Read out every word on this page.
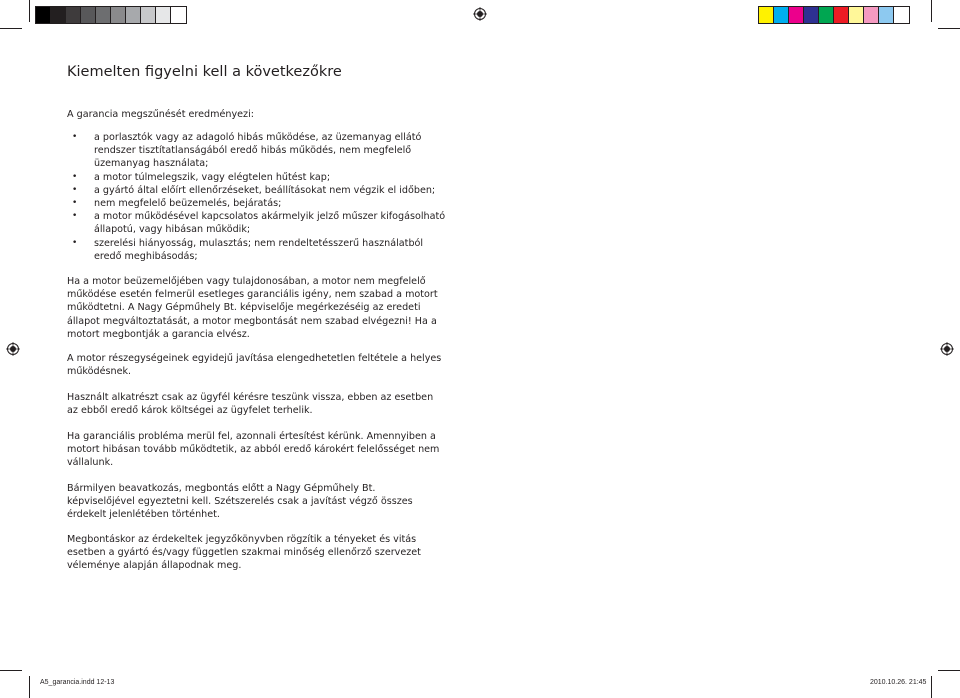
Kiemelten figyelni kell a következőkre
A garancia megszűnését eredményezi:
• a porlasztók vagy az adagoló hibás működése, az üzemanyag ellátó rendszer tisztítatlanságából eredő hibás működés, nem megfelelő üzemanyag használata;
• a motor túlmelegszik, vagy elégtelen hűtést kap;
• a gyártó által előírt ellenőrzéseket, beállításokat nem végzik el időben;
• nem megfelelő beüzemelés, bejáratás;
• a motor működésével kapcsolatos akármelyik jelző műszer kifogásolható állapotú, vagy hibásan működik;
• szerelési hiányosság, mulasztás; nem rendeltetésszerű használatból eredő meghibásodás;
Ha a motor beüzemelőjében vagy tulajdonosában, a motor nem megfelelő működése esetén felmerül esetleges garanciális igény, nem szabad a motort működtetni. A Nagy Gépműhely Bt. képviselője megérkezéséig az eredeti állapot megváltoztatását, a motor megbontását nem szabad elvégezni! Ha a motort megbontják a garancia elvész.
A motor részegységeinek egyidejű javítása elengedhetetlen feltétele a helyes működésnek.
Használt alkatrészt csak az ügyfél kérésre teszünk vissza, ebben az esetben az ebből eredő károk költségei az ügyfelet terhelik.
Ha garanciális probléma merül fel, azonnali értesítést kérünk. Amennyiben a motort hibásan tovább működtetik, az abból eredő károkért felelősséget nem vállalunk.
Bármilyen beavatkozás, megbontás előtt a Nagy Gépműhely Bt. képviselőjével egyeztetni kell. Szétszerelés csak a javítást végző összes érdekelt jelenlétében történhet.
Megbontáskor az érdekeltek jegyzőkönyvben rögzítik a tényeket és vitás esetben a gyártó és/vagy független szakmai minőség ellenőrző szervezet véleménye alapján állapodnak meg.
A5_garancia.indd 12-13	2010.10.26. 21:45
